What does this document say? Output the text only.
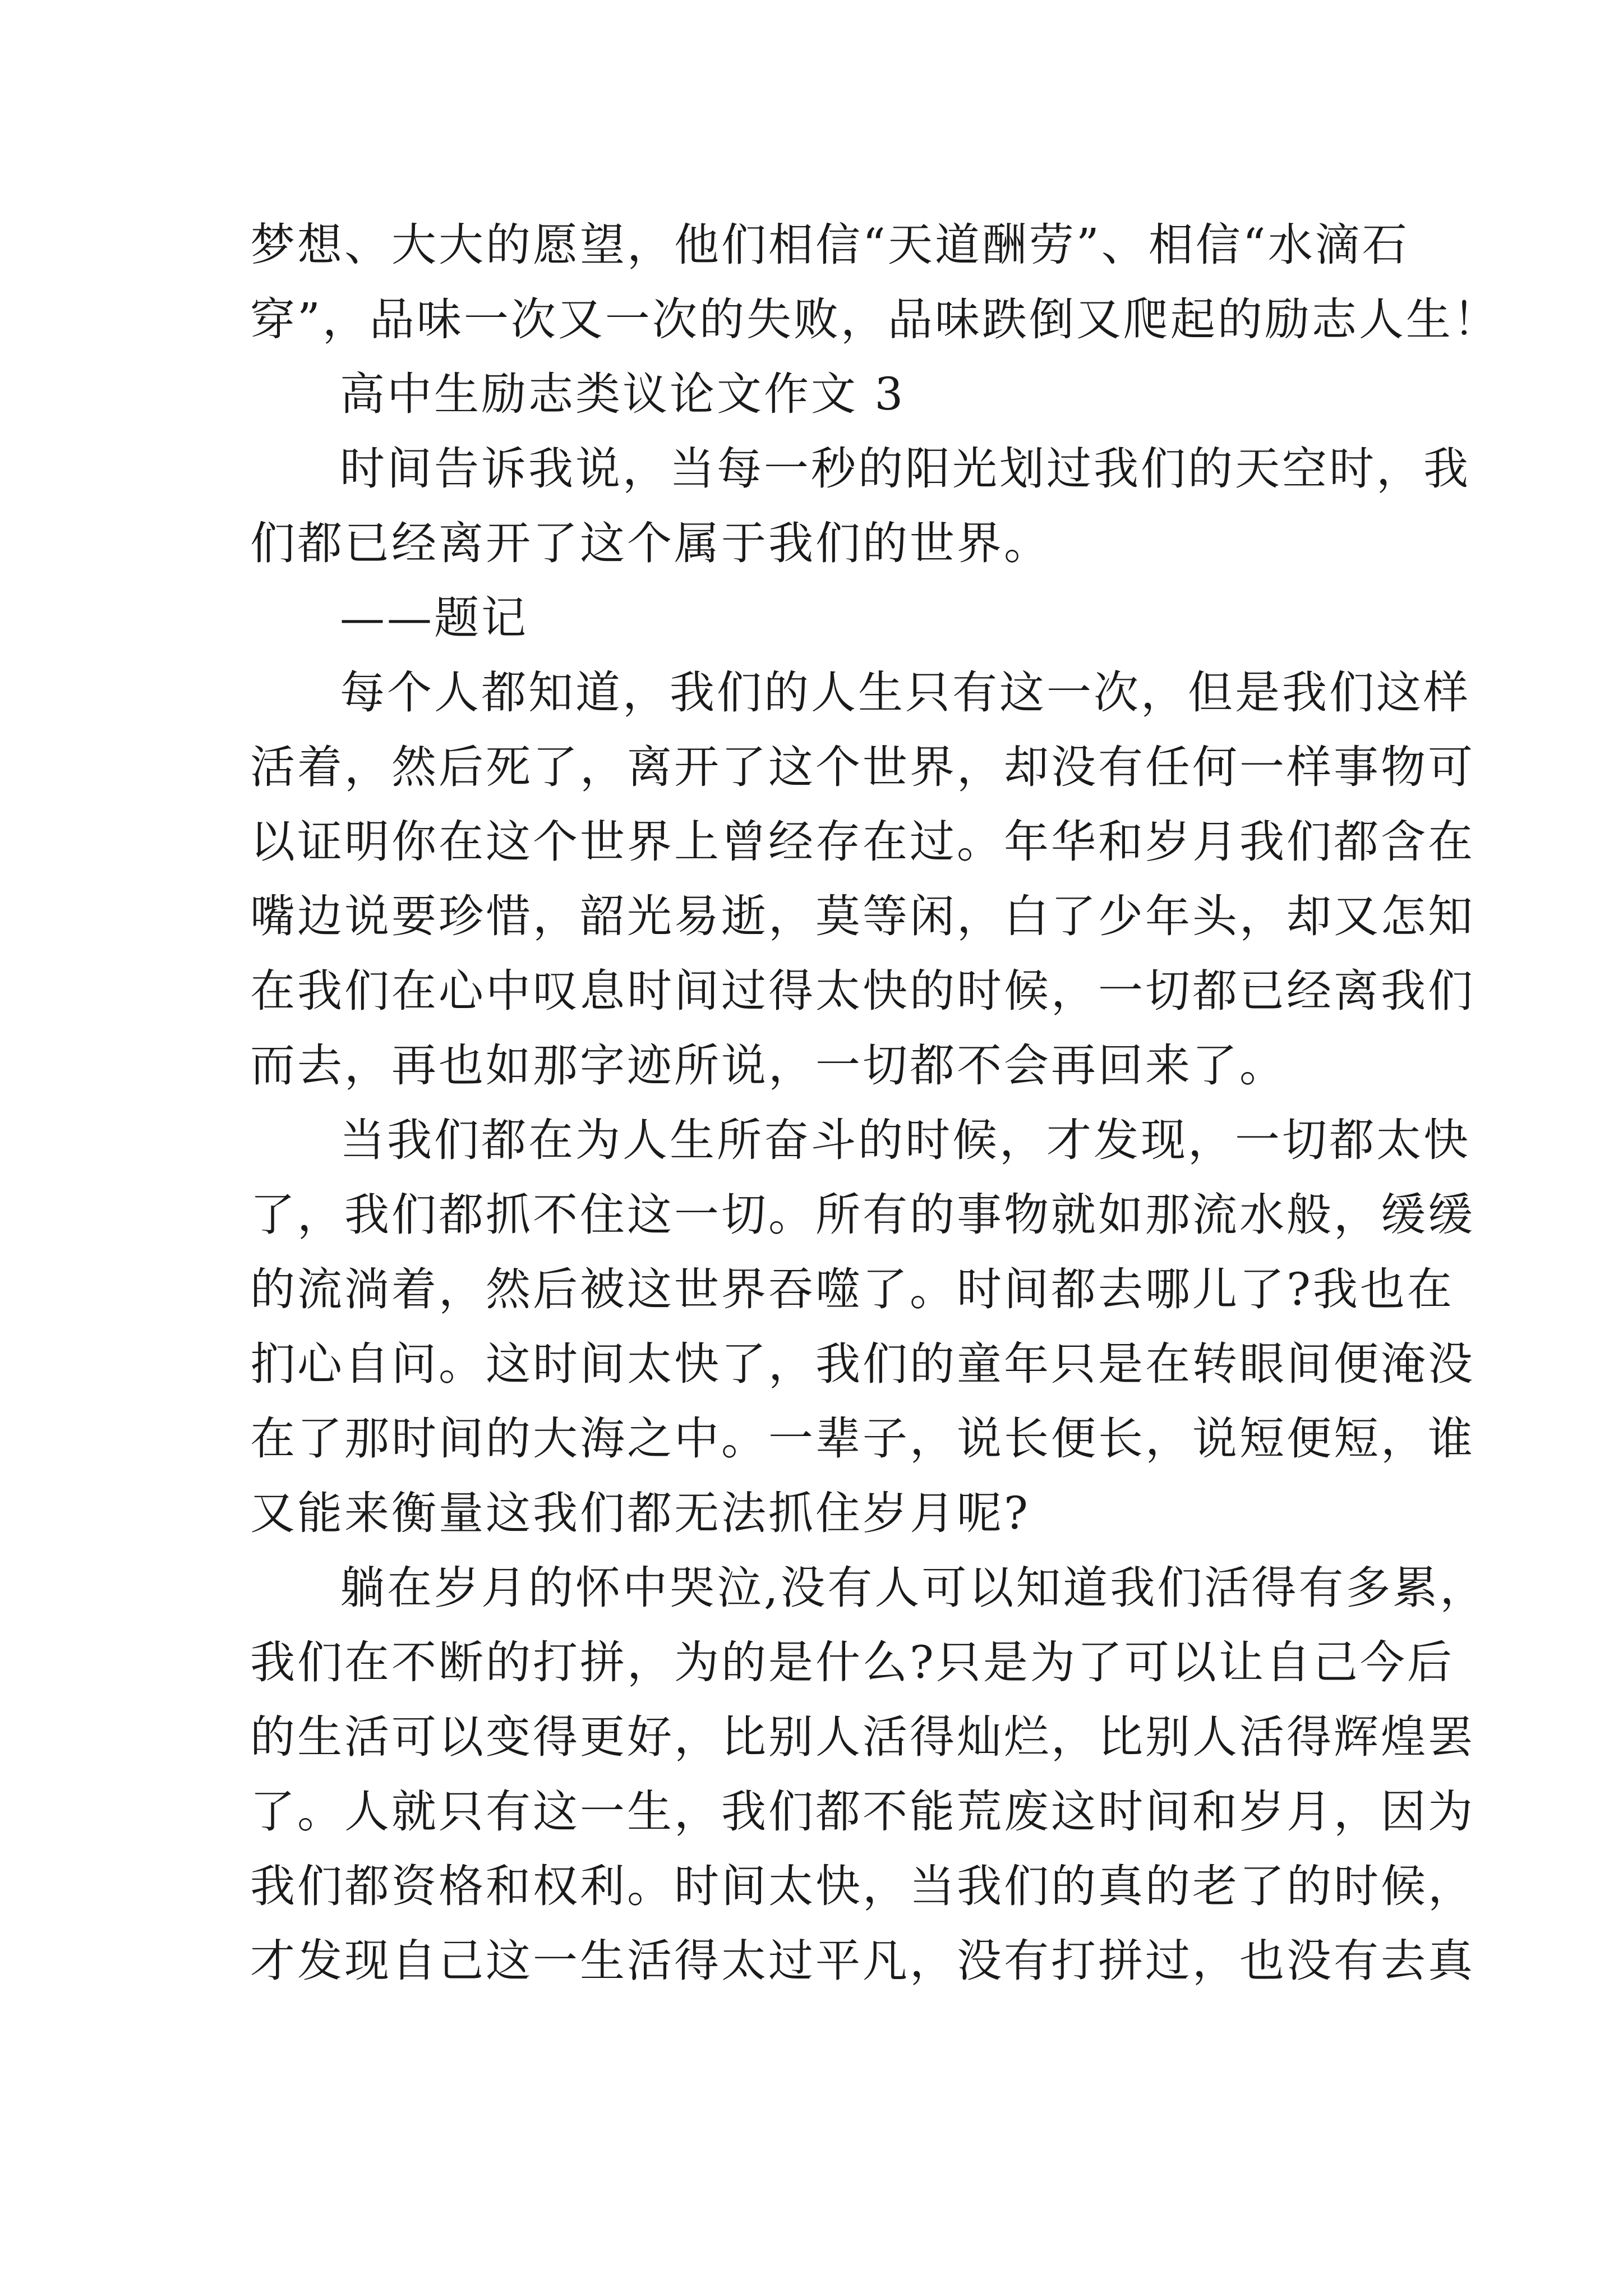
梦想、大大的愿望，他们相信“天道酬劳”、相信“水滴石
穿”，品味一次又一次的失败，品味跌倒又爬起的励志人生！
高中生励志类议论文作文 3
时间告诉我说，当每一秒的阳光划过我们的天空时，我
们都已经离开了这个属于我们的世界。
——题记
每个人都知道，我们的人生只有这一次，但是我们这样
活着，然后死了，离开了这个世界，却没有任何一样事物可
以证明你在这个世界上曾经存在过。年华和岁月我们都含在
嘴边说要珍惜，韶光易逝，莫等闲，白了少年头，却又怎知
在我们在心中叹息时间过得太快的时候，一切都已经离我们
而去，再也如那字迹所说，一切都不会再回来了。
当我们都在为人生所奋斗的时候，才发现，一切都太快
了，我们都抓不住这一切。所有的事物就如那流水般，缓缓
的流淌着，然后被这世界吞噬了。时间都去哪儿了?我也在
扪心自问。这时间太快了，我们的童年只是在转眼间便淹没
在了那时间的大海之中。一辈子，说长便长，说短便短，谁
又能来衡量这我们都无法抓住岁月呢?
躺在岁月的怀中哭泣,没有人可以知道我们活得有多累，
我们在不断的打拼，为的是什么?只是为了可以让自己今后
的生活可以变得更好，比别人活得灿烂，比别人活得辉煌罢
了。人就只有这一生，我们都不能荒废这时间和岁月，因为
我们都资格和权利。时间太快，当我们的真的老了的时候，
才发现自己这一生活得太过平凡，没有打拼过，也没有去真
